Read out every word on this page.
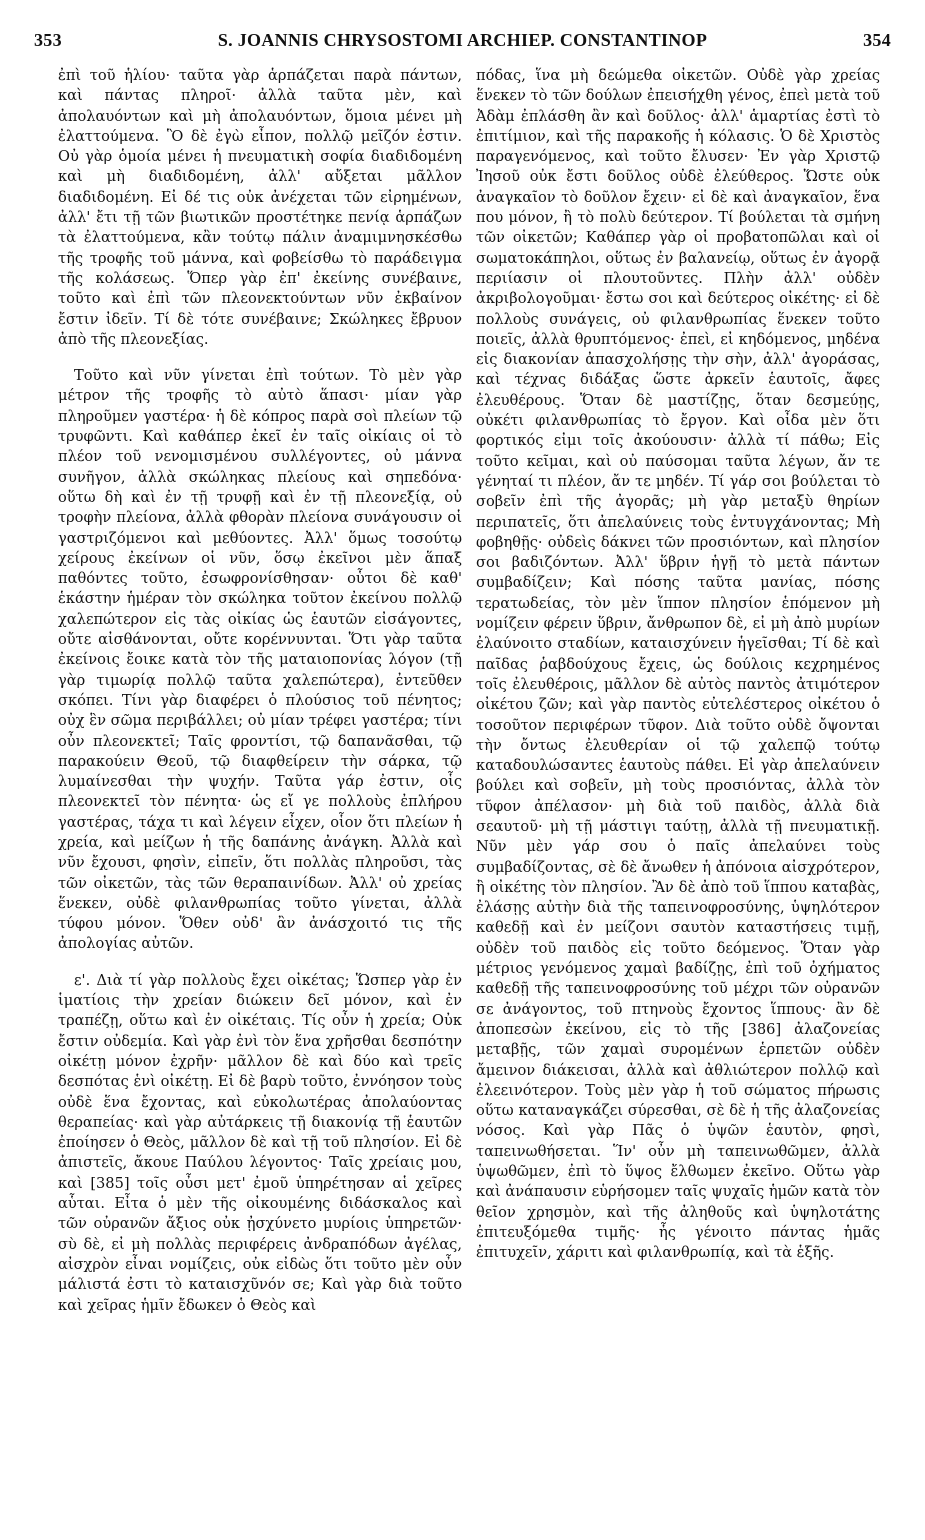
353	S. JOANNIS CHRYSOSTOMI ARCHIEP. CONSTANTINOP	354

ἐπὶ τοῦ ἡλίου· ταῦτα γὰρ ἁρπάζεται παρὰ πάντων, καὶ πάντας πληροῖ· ἀλλὰ ταῦτα μὲν, καὶ ἀπολαυόντων καὶ μὴ ἀπολαυόντων, ὅμοια μένει μὴ ἐλαττούμενα. Ὃ δὲ ἐγὼ εἶπον, πολλῷ μεῖζόν ἐστιν. Οὐ γὰρ ὁμοία μένει ἡ πνευματικὴ σοφία διαδιδομένη καὶ μὴ διαδιδομένη, ἀλλ' αὔξεται μᾶλλον διαδιδομένη. Εἰ δέ τις οὐκ ἀνέχεται τῶν εἰρημένων, ἀλλ' ἔτι τῇ τῶν βιωτικῶν προστέτηκε πενίᾳ ἁρπάζων τὰ ἐλαττούμενα, κἂν τούτῳ πάλιν ἀναμιμνησκέσθω τῆς τροφῆς τοῦ μάννα, καὶ φοβείσθω τὸ παράδειγμα τῆς κολάσεως. Ὅπερ γὰρ ἐπ' ἐκείνης συνέβαινε, τοῦτο καὶ ἐπὶ τῶν πλεονεκτούντων νῦν ἐκβαίνον ἔστιν ἰδεῖν. Τί δὲ τότε συνέβαινε; Σκώληκες ἔβρυον ἀπὸ τῆς πλεονεξίας.

Τοῦτο καὶ νῦν γίνεται ἐπὶ τούτων. Τὸ μὲν γὰρ μέτρον τῆς τροφῆς τὸ αὐτὸ ἅπασι· μίαν γὰρ πληροῦμεν γαστέρα· ἡ δὲ κόπρος παρὰ σοὶ πλείων τῷ τρυφῶντι. Καὶ καθάπερ ἐκεῖ ἐν ταῖς οἰκίαις οἱ τὸ πλέον τοῦ νενομισμένου συλλέγοντες, οὐ μάννα συνῆγον, ἀλλὰ σκώληκας πλείους καὶ σηπεδόνα· οὕτω δὴ καὶ ἐν τῇ τρυφῇ καὶ ἐν τῇ πλεονεξίᾳ, οὐ τροφὴν πλείονα, ἀλλὰ φθορὰν πλείονα συνάγουσιν οἱ γαστριζόμενοι καὶ μεθύοντες. Ἀλλ' ὅμως τοσούτῳ χείρους ἐκείνων οἱ νῦν, ὅσῳ ἐκεῖνοι μὲν ἅπαξ παθόντες τοῦτο, ἐσωφρονίσθησαν· οὗτοι δὲ καθ' ἑκάστην ἡμέραν τὸν σκώληκα τοῦτον ἐκείνου πολλῷ χαλεπώτερον εἰς τὰς οἰκίας ὡς ἑαυτῶν εἰσάγοντες, οὔτε αἰσθάνονται, οὔτε κορέννυνται. Ὅτι γὰρ ταῦτα ἐκείνοις ἔοικε κατὰ τὸν τῆς ματαιοπονίας λόγον (τῇ γὰρ τιμωρίᾳ πολλῷ ταῦτα χαλεπώτερα), ἐντεῦθεν σκόπει. Τίνι γὰρ διαφέρει ὁ πλούσιος τοῦ πένητος; οὐχ ἓν σῶμα περιβάλλει; οὐ μίαν τρέφει γαστέρα; τίνι οὖν πλεονεκτεῖ; Ταῖς φροντίσι, τῷ δαπανᾶσθαι, τῷ παρακούειν Θεοῦ, τῷ διαφθείρειν τὴν σάρκα, τῷ λυμαίνεσθαι τὴν ψυχήν. Ταῦτα γάρ ἐστιν, οἷς πλεονεκτεῖ τὸν πένητα· ὡς εἴ γε πολλοὺς ἐπλήρου γαστέρας, τάχα τι καὶ λέγειν εἶχεν, οἷον ὅτι πλείων ἡ χρεία, καὶ μείζων ἡ τῆς δαπάνης ἀνάγκη. Ἀλλὰ καὶ νῦν ἔχουσι, φησὶν, εἰπεῖν, ὅτι πολλὰς πληροῦσι, τὰς τῶν οἰκετῶν, τὰς τῶν θεραπαινίδων. Ἀλλ' οὐ χρείας ἕνεκεν, οὐδὲ φιλανθρωπίας τοῦτο γίνεται, ἀλλὰ τύφου μόνον. Ὅθεν οὐδ' ἂν ἀνάσχοιτό τις τῆς ἀπολογίας αὐτῶν.

ε'. Διὰ τί γὰρ πολλοὺς ἔχει οἰκέτας; Ὥσπερ γὰρ ἐν ἱματίοις τὴν χρείαν διώκειν δεῖ μόνον, καὶ ἐν τραπέζῃ, οὕτω καὶ ἐν οἰκέταις. Τίς οὖν ἡ χρεία; Οὐκ ἔστιν οὐδεμία. Καὶ γὰρ ἐνὶ τὸν ἕνα χρῆσθαι δεσπότην οἰκέτῃ μόνον ἐχρῆν· μᾶλλον δὲ καὶ δύο καὶ τρεῖς δεσπότας ἑνὶ οἰκέτῃ. Εἰ δὲ βαρὺ τοῦτο, ἐννόησον τοὺς οὐδὲ ἕνα ἔχοντας, καὶ εὐκολωτέρας ἀπολαύοντας θεραπείας· καὶ γὰρ αὐτάρκεις τῇ διακονίᾳ τῇ ἑαυτῶν ἐποίησεν ὁ Θεὸς, μᾶλλον δὲ καὶ τῇ τοῦ πλησίον. Εἰ δὲ ἀπιστεῖς, ἄκουε Παύλου λέγοντος· Ταῖς χρείαις μου, καὶ [385] τοῖς οὖσι μετ' ἐμοῦ ὑπηρέτησαν αἱ χεῖρες αὗται. Εἶτα ὁ μὲν τῆς οἰκουμένης διδάσκαλος καὶ τῶν οὐρανῶν ἄξιος οὐκ ᾐσχύνετο μυρίοις ὑπηρετῶν· σὺ δὲ, εἰ μὴ πολλὰς περιφέρεις ἀνδραπόδων ἀγέλας, αἰσχρὸν εἶναι νομίζεις, οὐκ εἰδὼς ὅτι τοῦτο μὲν οὖν μάλιστά ἐστι τὸ καταισχῦνόν σε; Καὶ γὰρ διὰ τοῦτο καὶ χεῖρας ἡμῖν ἔδωκεν ὁ Θεὸς καὶ

πόδας, ἵνα μὴ δεώμεθα οἰκετῶν. Οὐδὲ γὰρ χρείας ἕνεκεν τὸ τῶν δούλων ἐπεισήχθη γένος, ἐπεὶ μετὰ τοῦ Ἀδὰμ ἐπλάσθη ἂν καὶ δοῦλος· ἀλλ' ἁμαρτίας ἐστὶ τὸ ἐπιτίμιον, καὶ τῆς παρακοῆς ἡ κόλασις. Ὁ δὲ Χριστὸς παραγενόμενος, καὶ τοῦτο ἔλυσεν· Ἐν γὰρ Χριστῷ Ἰησοῦ οὐκ ἔστι δοῦλος οὐδὲ ἐλεύθερος. Ὥστε οὐκ ἀναγκαῖον τὸ δοῦλον ἔχειν· εἰ δὲ καὶ ἀναγκαῖον, ἕνα που μόνον, ἢ τὸ πολὺ δεύτερον. Τί βούλεται τὰ σμήνη τῶν οἰκετῶν; Καθάπερ γὰρ οἱ προβατοπῶλαι καὶ οἱ σωματοκάπηλοι, οὕτως ἐν βαλανείῳ, οὕτως ἐν ἀγορᾷ περιίασιν οἱ πλουτοῦντες. Πλὴν ἀλλ' οὐδὲν ἀκριβολογοῦμαι· ἔστω σοι καὶ δεύτερος οἰκέτης· εἰ δὲ πολλοὺς συνάγεις, οὐ φιλανθρωπίας ἕνεκεν τοῦτο ποιεῖς, ἀλλὰ θρυπτόμενος· ἐπεὶ, εἰ κηδόμενος, μηδένα εἰς διακονίαν ἀπασχολήσῃς τὴν σὴν, ἀλλ' ἀγοράσας, καὶ τέχνας διδάξας ὥστε ἀρκεῖν ἑαυτοῖς, ἄφες ἐλευθέρους. Ὅταν δὲ μαστίζῃς, ὅταν δεσμεύῃς, οὐκέτι φιλανθρωπίας τὸ ἔργον. Καὶ οἶδα μὲν ὅτι φορτικός εἰμι τοῖς ἀκούουσιν· ἀλλὰ τί πάθω; Εἰς τοῦτο κεῖμαι, καὶ οὐ παύσομαι ταῦτα λέγων, ἄν τε γένηταί τι πλέον, ἄν τε μηδέν. Τί γάρ σοι βούλεται τὸ σοβεῖν ἐπὶ τῆς ἀγορᾶς; μὴ γὰρ μεταξὺ θηρίων περιπατεῖς, ὅτι ἀπελαύνεις τοὺς ἐντυγχάνοντας; Μὴ φοβηθῇς· οὐδεὶς δάκνει τῶν προσιόντων, καὶ πλησίον σοι βαδιζόντων. Ἀλλ' ὕβριν ἡγῇ τὸ μετὰ πάντων συμβαδίζειν; Καὶ πόσης ταῦτα μανίας, πόσης τερατωδείας, τὸν μὲν ἵππον πλησίον ἑπόμενον μὴ νομίζειν φέρειν ὕβριν, ἄνθρωπον δὲ, εἰ μὴ ἀπὸ μυρίων ἐλαύνοιτο σταδίων, καταισχύνειν ἡγεῖσθαι; Τί δὲ καὶ παῖδας ῥαβδούχους ἔχεις, ὡς δούλοις κεχρημένος τοῖς ἐλευθέροις, μᾶλλον δὲ αὐτὸς παντὸς ἀτιμότερον οἰκέτου ζῶν; καὶ γὰρ παντὸς εὐτελέστερος οἰκέτου ὁ τοσοῦτον περιφέρων τῦφον. Διὰ τοῦτο οὐδὲ ὄψονται τὴν ὄντως ἐλευθερίαν οἱ τῷ χαλεπῷ τούτῳ καταδουλώσαντες ἑαυτοὺς πάθει. Εἰ γὰρ ἀπελαύνειν βούλει καὶ σοβεῖν, μὴ τοὺς προσιόντας, ἀλλὰ τὸν τῦφον ἀπέλασον· μὴ διὰ τοῦ παιδὸς, ἀλλὰ διὰ σεαυτοῦ· μὴ τῇ μάστιγι ταύτῃ, ἀλλὰ τῇ πνευματικῇ. Νῦν μὲν γάρ σου ὁ παῖς ἀπελαύνει τοὺς συμβαδίζοντας, σὲ δὲ ἄνωθεν ἡ ἀπόνοια αἰσχρότερον, ἢ οἰκέτης τὸν πλησίον. Ἂν δὲ ἀπὸ τοῦ ἵππου καταβὰς, ἐλάσῃς αὐτὴν διὰ τῆς ταπεινοφροσύνης, ὑψηλότερον καθεδῇ καὶ ἐν μείζονι σαυτὸν καταστήσεις τιμῇ, οὐδὲν τοῦ παιδὸς εἰς τοῦτο δεόμενος. Ὅταν γὰρ μέτριος γενόμενος χαμαὶ βαδίζῃς, ἐπὶ τοῦ ὀχήματος καθεδῇ τῆς ταπεινοφροσύνης τοῦ μέχρι τῶν οὐρανῶν σε ἀνάγοντος, τοῦ πτηνοὺς ἔχοντος ἵππους· ἂν δὲ ἀποπεσὼν ἐκείνου, εἰς τὸ τῆς [386] ἀλαζονείας μεταβῇς, τῶν χαμαὶ συρομένων ἑρπετῶν οὐδὲν ἄμεινον διάκεισαι, ἀλλὰ καὶ ἀθλιώτερον πολλῷ καὶ ἐλεεινότερον. Τοὺς μὲν γὰρ ἡ τοῦ σώματος πήρωσις οὕτω καταναγκάζει σύρεσθαι, σὲ δὲ ἡ τῆς ἀλαζονείας νόσος. Καὶ γὰρ Πᾶς ὁ ὑψῶν ἑαυτὸν, φησὶ, ταπεινωθήσεται. Ἵν' οὖν μὴ ταπεινωθῶμεν, ἀλλὰ ὑψωθῶμεν, ἐπὶ τὸ ὕψος ἔλθωμεν ἐκεῖνο. Οὕτω γὰρ καὶ ἀνάπαυσιν εὑρήσομεν ταῖς ψυχαῖς ἡμῶν κατὰ τὸν θεῖον χρησμὸν, καὶ τῆς ἀληθοῦς καὶ ὑψηλοτάτης ἐπιτευξόμεθα τιμῆς· ἧς γένοιτο πάντας ἡμᾶς ἐπιτυχεῖν, χάριτι καὶ φιλανθρωπίᾳ, καὶ τὰ ἑξῆς.
